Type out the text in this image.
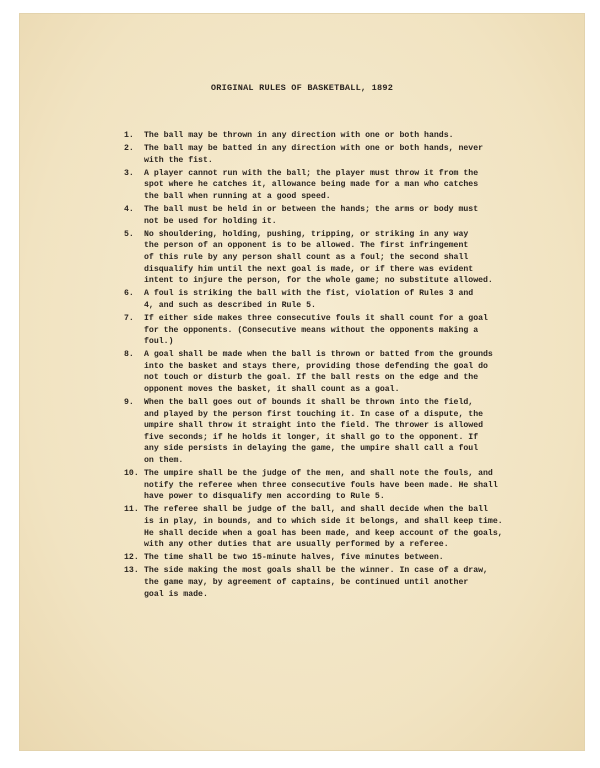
ORIGINAL RULES OF BASKETBALL, 1892
1.	The ball may be thrown in any direction with one or both hands.
2.	The ball may be batted in any direction with one or both hands, never
with the fist.
3.	A player cannot run with the ball; the player must throw it from the
spot where he catches it, allowance being made for a man who catches
the ball when running at a good speed.
4.	The ball must be held in or between the hands; the arms or body must
not be used for holding it.
5.	No shouldering, holding, pushing, tripping, or striking in any way
the person of an opponent is to be allowed. The first infringement
of this rule by any person shall count as a foul; the second shall
disqualify him until the next goal is made, or if there was evident
intent to injure the person, for the whole game; no substitute allowed.
6.	A foul is striking the ball with the fist, violation of Rules 3 and
4, and such as described in Rule 5.
7.	If either side makes three consecutive fouls it shall count for a goal
for the opponents. (Consecutive means without the opponents making a
foul.)
8.	A goal shall be made when the ball is thrown or batted from the grounds
into the basket and stays there, providing those defending the goal do
not touch or disturb the goal. If the ball rests on the edge and the
opponent moves the basket, it shall count as a goal.
9.	When the ball goes out of bounds it shall be thrown into the field,
and played by the person first touching it. In case of a dispute, the
umpire shall throw it straight into the field. The thrower is allowed
five seconds; if he holds it longer, it shall go to the opponent. If
any side persists in delaying the game, the umpire shall call a foul
on them.
10. The umpire shall be the judge of the men, and shall note the fouls, and
notify the referee when three consecutive fouls have been made. He shall
have power to disqualify men according to Rule 5.
11. The referee shall be judge of the ball, and shall decide when the ball
is in play, in bounds, and to which side it belongs, and shall keep time.
He shall decide when a goal has been made, and keep account of the goals,
with any other duties that are usually performed by a referee.
12. The time shall be two 15-minute halves, five minutes between.
13. The side making the most goals shall be the winner. In case of a draw,
the game may, by agreement of captains, be continued until another
goal is made.
